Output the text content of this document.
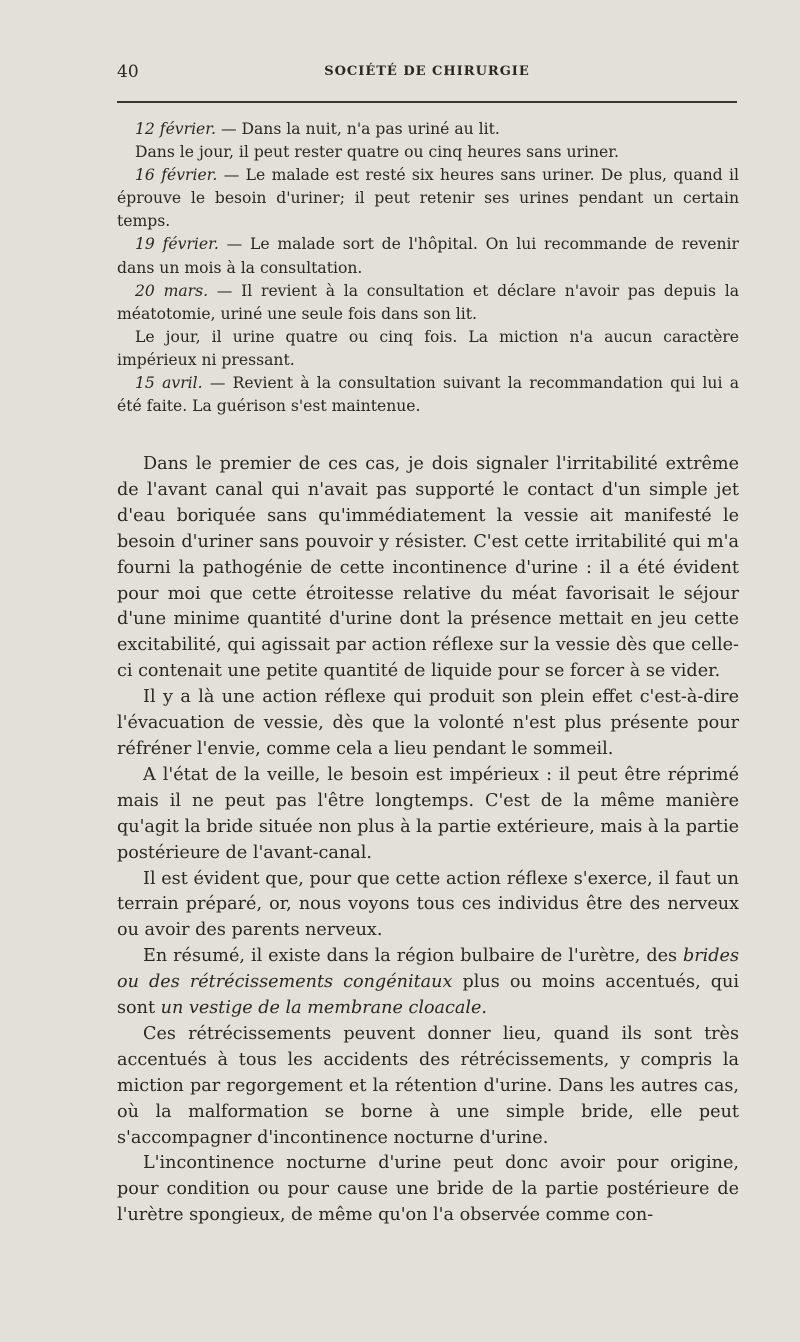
40	SOCIÉTÉ DE CHIRURGIE

12 février. — Dans la nuit, n'a pas uriné au lit.

Dans le jour, il peut rester quatre ou cinq heures sans uriner.

16 février. — Le malade est resté six heures sans uriner. De plus, quand il éprouve le besoin d'uriner; il peut retenir ses urines pendant un certain temps.

19 février. — Le malade sort de l'hôpital. On lui recommande de revenir dans un mois à la consultation.

20 mars. — Il revient à la consultation et déclare n'avoir pas depuis la méatotomie, uriné une seule fois dans son lit.

Le jour, il urine quatre ou cinq fois. La miction n'a aucun caractère impérieux ni pressant.

15 avril. — Revient à la consultation suivant la recommandation qui lui a été faite. La guérison s'est maintenue.

Dans le premier de ces cas, je dois signaler l'irritabilité extrême de l'avant canal qui n'avait pas supporté le contact d'un simple jet d'eau boriquée sans qu'immédiatement la vessie ait manifesté le besoin d'uriner sans pouvoir y résister. C'est cette irritabilité qui m'a fourni la pathogénie de cette incontinence d'urine : il a été évident pour moi que cette étroitesse relative du méat favorisait le séjour d'une minime quantité d'urine dont la présence mettait en jeu cette excitabilité, qui agissait par action réflexe sur la vessie dès que celle-ci contenait une petite quantité de liquide pour se forcer à se vider.

Il y a là une action réflexe qui produit son plein effet c'est-à-dire l'évacuation de vessie, dès que la volonté n'est plus présente pour réfréner l'envie, comme cela a lieu pendant le sommeil.

A l'état de la veille, le besoin est impérieux : il peut être réprimé mais il ne peut pas l'être longtemps. C'est de la même manière qu'agit la bride située non plus à la partie extérieure, mais à la partie postérieure de l'avant-canal.

Il est évident que, pour que cette action réflexe s'exerce, il faut un terrain préparé, or, nous voyons tous ces individus être des nerveux ou avoir des parents nerveux.

En résumé, il existe dans la région bulbaire de l'urètre, des brides ou des rétrécissements congénitaux plus ou moins accentués, qui sont un vestige de la membrane cloacale.

Ces rétrécissements peuvent donner lieu, quand ils sont très accentués à tous les accidents des rétrécissements, y compris la miction par regorgement et la rétention d'urine. Dans les autres cas, où la malformation se borne à une simple bride, elle peut s'accompagner d'incontinence nocturne d'urine.

L'incontinence nocturne d'urine peut donc avoir pour origine, pour condition ou pour cause une bride de la partie postérieure de l'urètre spongieux, de même qu'on l'a observée comme con-
